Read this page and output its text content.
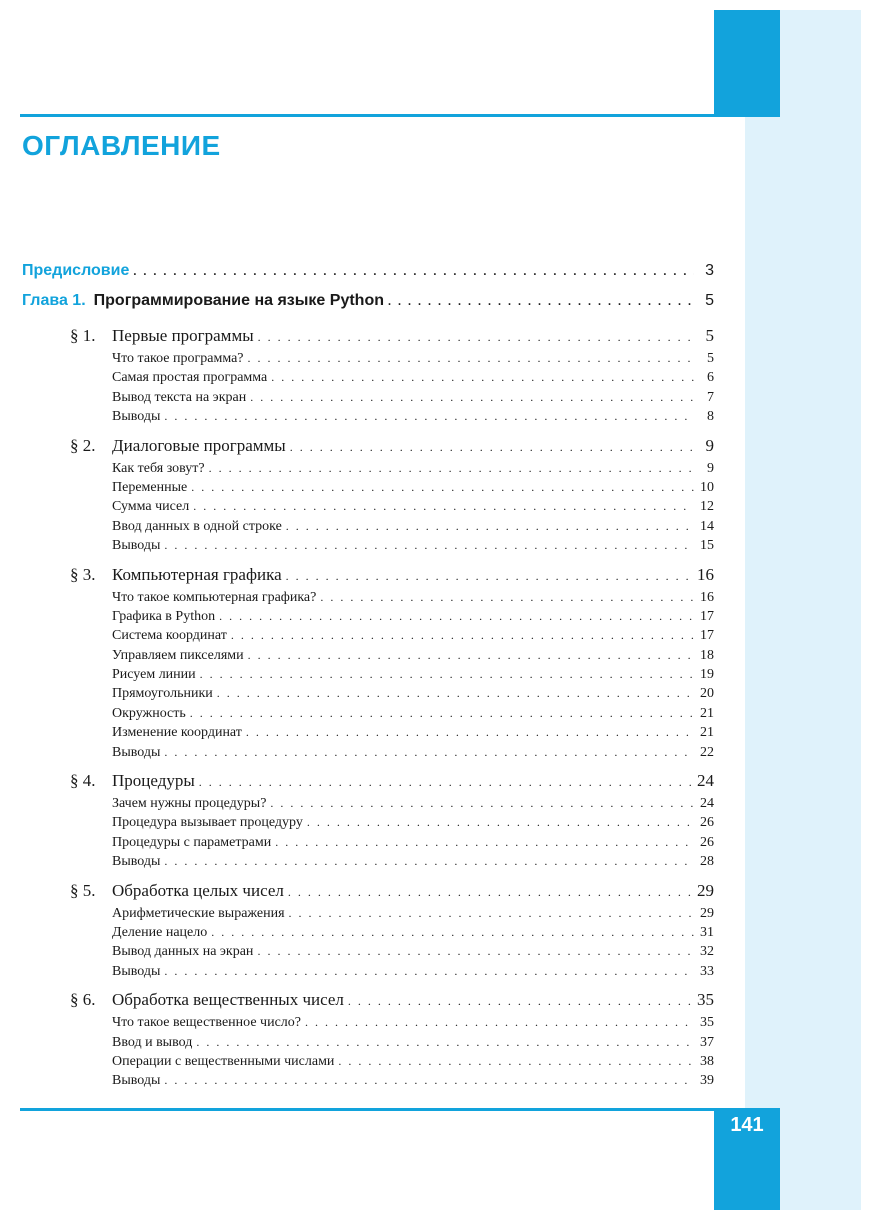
141
ОГЛАВЛЕНИЕ
Предисловие . . .	3
Глава 1. Программирование на языке Python . . .	5
§ 1. Первые программы . . .	5
Что такое программа? . . .	5
Самая простая программа . . .	6
Вывод текста на экран . . .	7
Выводы . . .	8
§ 2. Диалоговые программы . . .	9
Как тебя зовут? . . .	9
Переменные . . .	10
Сумма чисел . . .	12
Ввод данных в одной строке . . .	14
Выводы . . .	15
§ 3. Компьютерная графика . . .	16
Что такое компьютерная графика? . . .	16
Графика в Python . . .	17
Система координат . . .	17
Управляем пикселями . . .	18
Рисуем линии . . .	19
Прямоугольники . . .	20
Окружность . . .	21
Изменение координат . . .	21
Выводы . . .	22
§ 4. Процедуры . . .	24
Зачем нужны процедуры? . . .	24
Процедура вызывает процедуру . . .	26
Процедуры с параметрами . . .	26
Выводы . . .	28
§ 5. Обработка целых чисел . . .	29
Арифметические выражения . . .	29
Деление нацело . . .	31
Вывод данных на экран . . .	32
Выводы . . .	33
§ 6. Обработка вещественных чисел . . .	35
Что такое вещественное число? . . .	35
Ввод и вывод . . .	37
Операции с вещественными числами . . .	38
Выводы . . .	39
